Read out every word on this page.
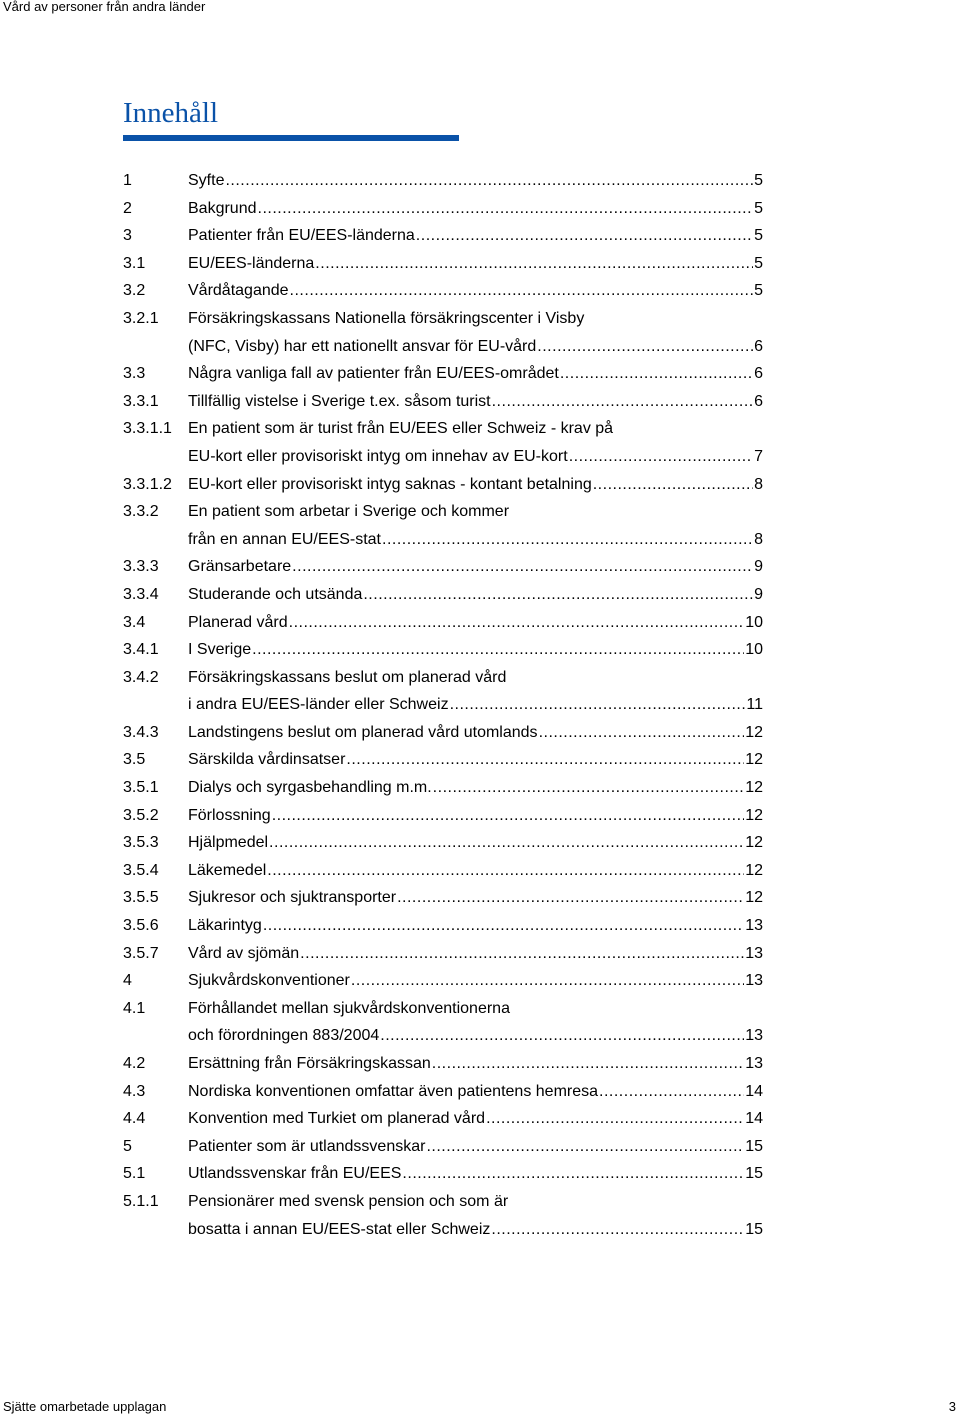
Vård av personer från andra länder
Innehåll
1	Syfte .....	5
2	Bakgrund .....	5
3	Patienter från EU/EES-länderna .....	5
3.1	EU/EES-länderna .....	5
3.2	Vårdåtagande .....	5
3.2.1	Försäkringskassans Nationella försäkringscenter i Visby
(NFC, Visby) har ett nationellt ansvar för EU-vård .....	6
3.3	Några vanliga fall av patienter från EU/EES-området .....	6
3.3.1	Tillfällig vistelse i Sverige t.ex. såsom turist .....	6
3.3.1.1	En patient som är turist från EU/EES eller Schweiz - krav på
EU-kort eller provisoriskt intyg om innehav av EU-kort .....	7
3.3.1.2	EU-kort eller provisoriskt intyg saknas - kontant betalning .....	8
3.3.2	En patient som arbetar i Sverige och kommer
från en annan EU/EES-stat .....	8
3.3.3	Gränsarbetare .....	9
3.3.4	Studerande och utsända .....	9
3.4	Planerad vård .....	10
3.4.1	I Sverige .....	10
3.4.2	Försäkringskassans beslut om planerad vård
i andra EU/EES-länder eller Schweiz .....	11
3.4.3	Landstingens beslut om planerad vård utomlands .....	12
3.5	Särskilda vårdinsatser .....	12
3.5.1	Dialys och syrgasbehandling m.m. .....	12
3.5.2	Förlossning .....	12
3.5.3	Hjälpmedel .....	12
3.5.4	Läkemedel .....	12
3.5.5	Sjukresor och sjuktransporter .....	12
3.5.6	Läkarintyg .....	13
3.5.7	Vård av sjömän .....	13
4	Sjukvårdskonventioner .....	13
4.1	Förhållandet mellan sjukvårdskonventionerna
och förordningen 883/2004 .....	13
4.2	Ersättning från Försäkringskassan .....	13
4.3	Nordiska konventionen omfattar även patientens hemresa .....	14
4.4	Konvention med Turkiet om planerad vård .....	14
5	Patienter som är utlandssvenskar .....	15
5.1	Utlandssvenskar från EU/EES .....	15
5.1.1	Pensionärer med svensk pension och som är
bosatta i annan EU/EES-stat eller Schweiz .....	15
Sjätte omarbetade upplagan	3
